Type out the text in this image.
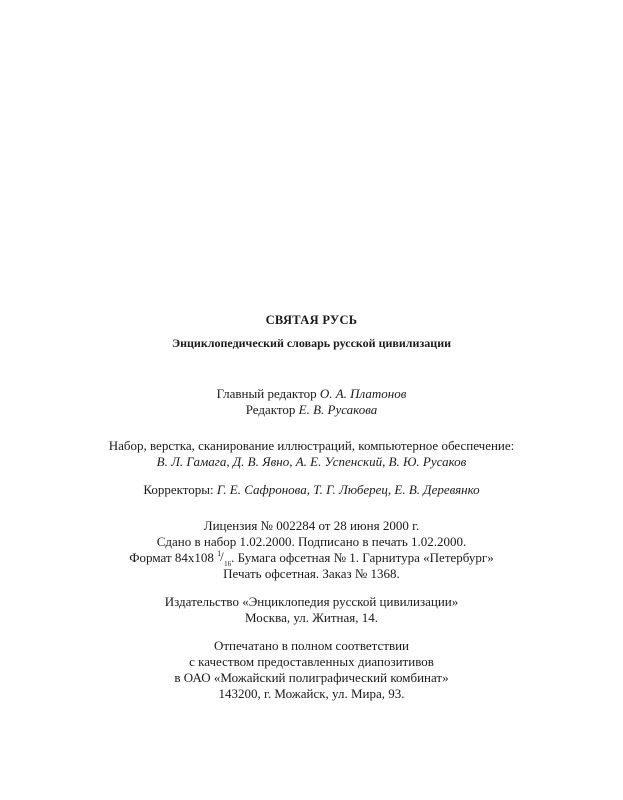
СВЯТАЯ РУСЬ
Энциклопедический словарь русской цивилизации
Главный редактор О. А. Платонов
Редактор Е. В. Русакова
Набор, верстка, сканирование иллюстраций, компьютерное обеспечение:
В. Л. Гамага, Д. В. Явно, А. Е. Успенский, В. Ю. Русаков
Корректоры: Г. Е. Сафронова, Т. Г. Люберец, Е. В. Деревянко
Лицензия № 002284 от 28 июня 2000 г.
Сдано в набор 1.02.2000. Подписано в печать 1.02.2000.
Формат 84x108 1 / 16 . Бумага офсетная № 1. Гарнитура «Петербург»
Печать офсетная. Заказ № 1368.
Издательство «Энциклопедия русской цивилизации»
Москва, ул. Житная, 14.
Отпечатано в полном соответствии
с качеством предоставленных диапозитивов
в ОАО «Можайский полиграфический комбинат»
143200, г. Можайск, ул. Мира, 93.
